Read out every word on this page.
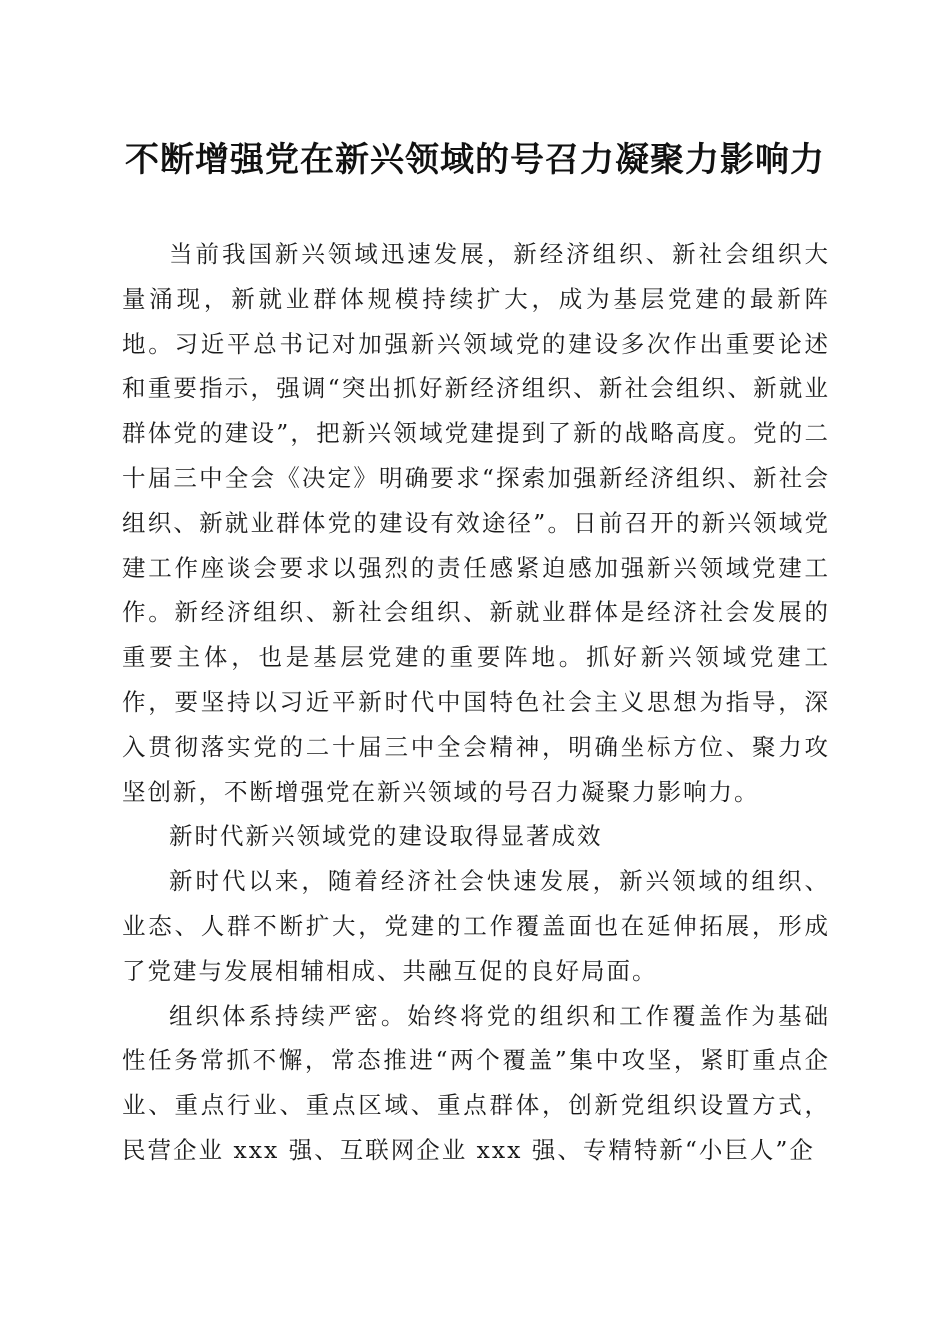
不断增强党在新兴领域的号召力凝聚力影响力

当前我国新兴领域迅速发展，新经济组织、新社会组织大量涌现，新就业群体规模持续扩大，成为基层党建的最新阵地。习近平总书记对加强新兴领域党的建设多次作出重要论述和重要指示，强调“突出抓好新经济组织、新社会组织、新就业群体党的建设”，把新兴领域党建提到了新的战略高度。党的二十届三中全会《决定》明确要求“探索加强新经济组织、新社会组织、新就业群体党的建设有效途径”。日前召开的新兴领域党建工作座谈会要求以强烈的责任感紧迫感加强新兴领域党建工作。新经济组织、新社会组织、新就业群体是经济社会发展的重要主体，也是基层党建的重要阵地。抓好新兴领域党建工作，要坚持以习近平新时代中国特色社会主义思想为指导，深入贯彻落实党的二十届三中全会精神，明确坐标方位、聚力攻坚创新，不断增强党在新兴领域的号召力凝聚力影响力。

新时代新兴领域党的建设取得显著成效

新时代以来，随着经济社会快速发展，新兴领域的组织、业态、人群不断扩大，党建的工作覆盖面也在延伸拓展，形成了党建与发展相辅相成、共融互促的良好局面。

组织体系持续严密。始终将党的组织和工作覆盖作为基础性任务常抓不懈，常态推进“两个覆盖”集中攻坚，紧盯重点企业、重点行业、重点区域、重点群体，创新党组织设置方式，民营企业 xxx 强、互联网企业 xxx 强、专精特新“小巨人”企
